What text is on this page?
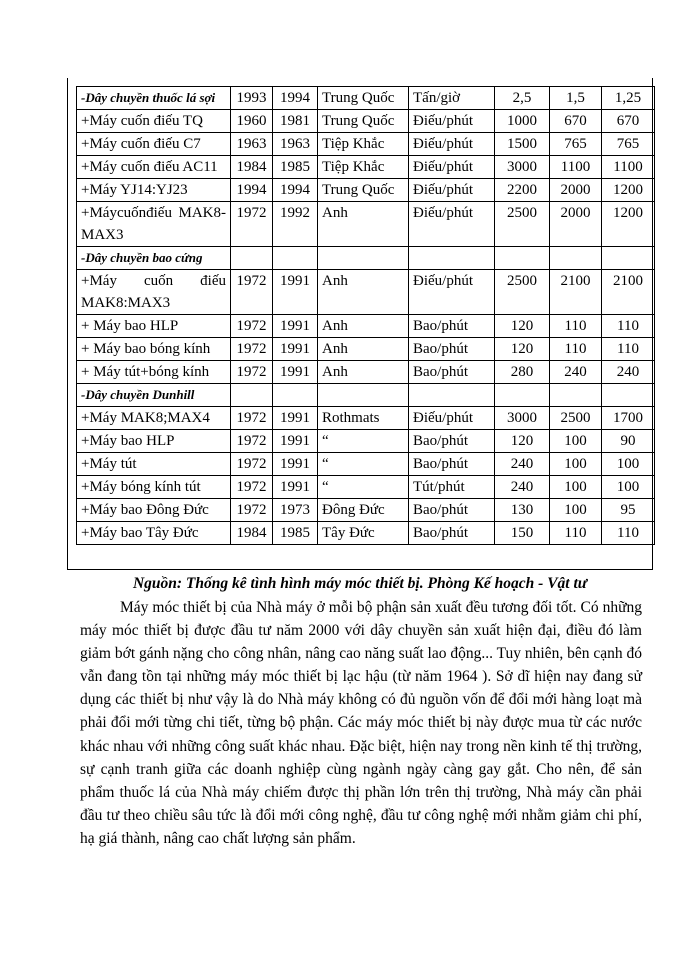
-Dây chuyền thuốc lá sợi	1993	1994	Trung Quốc	Tấn/giờ	2,5	1,5	1,25
+Máy cuốn điếu TQ	1960	1981	Trung Quốc	Điếu/phút	1000	670	670
+Máy cuốn điếu C7	1963	1963	Tiệp Khắc	Điếu/phút	1500	765	765
+Máy cuốn điếu AC11	1984	1985	Tiệp Khắc	Điếu/phút	3000	1100	1100
+Máy YJ14:YJ23	1994	1994	Trung Quốc	Điếu/phút	2200	2000	1200

+Máycuốnđiếu MAK8-
MAX3	1972	1992	Anh	Điếu/phút	2500	2000	1200
-Dây chuyền bao cứng							

+Máy cuốn điếu
MAK8:MAX3	1972	1991	Anh	Điếu/phút	2500	2100	2100
+ Máy bao HLP	1972	1991	Anh	Bao/phút	120	110	110
+ Máy bao bóng kính	1972	1991	Anh	Bao/phút	120	110	110
+ Máy tút+bóng kính	1972	1991	Anh	Bao/phút	280	240	240
-Dây chuyền Dunhill							
+Máy MAK8;MAX4	1972	1991	Rothmats	Điếu/phút	3000	2500	1700
+Máy bao HLP	1972	1991	“	Bao/phút	120	100	90
+Máy tút	1972	1991	“	Bao/phút	240	100	100
+Máy bóng kính tút	1972	1991	“	Tút/phút	240	100	100
+Máy bao Đông Đức	1972	1973	Đông Đức	Bao/phút	130	100	95
+Máy bao Tây Đức	1984	1985	Tây Đức	Bao/phút	150	110	110
Nguồn: Thống kê tình hình máy móc thiết bị. Phòng Kế hoạch - Vật tư

Máy móc thiết bị của Nhà máy ở mỗi bộ phận sản xuất đều tương đối tốt. Có những máy móc thiết bị được đầu tư năm 2000 với dây chuyền sản xuất hiện đại, điều đó làm giảm bớt gánh nặng cho công nhân, nâng cao năng suất lao động... Tuy nhiên, bên cạnh đó vẫn đang tồn tại những máy móc thiết bị lạc hậu (từ năm 1964 ). Sở dĩ hiện nay đang sử dụng các thiết bị như vậy là do Nhà máy không có đủ nguồn vốn để đổi mới hàng loạt mà phải đổi mới từng chi tiết, từng bộ phận. Các máy móc thiết bị này được mua từ các nước khác nhau với những công suất khác nhau. Đặc biệt, hiện nay trong nền kinh tế thị trường, sự cạnh tranh giữa các doanh nghiệp cùng ngành ngày càng gay gắt. Cho nên, để sản phẩm thuốc lá của Nhà máy chiếm được thị phần lớn trên thị trường, Nhà máy cần phải đầu tư theo chiều sâu tức là đổi mới công nghệ, đầu tư công nghệ mới nhằm giảm chi phí, hạ giá thành, nâng cao chất lượng sản phẩm.
